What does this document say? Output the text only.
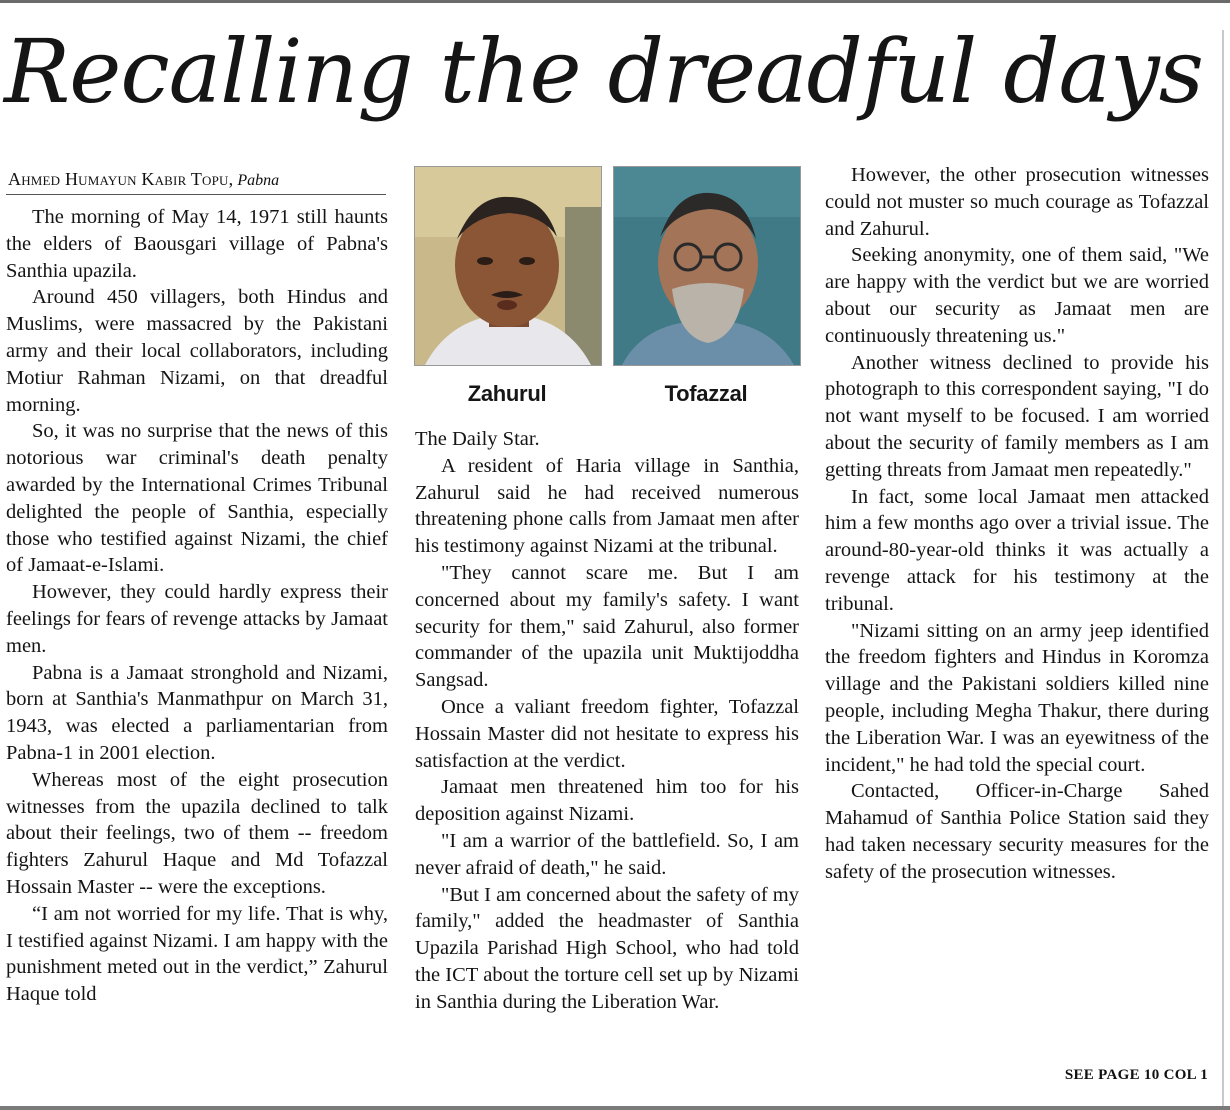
Recalling the dreadful days
Ahmed Humayun Kabir Topu, Pabna

The morning of May 14, 1971 still haunts the elders of Baousgari village of Pabna's Santhia upazila.

Around 450 villagers, both Hindus and Muslims, were massacred by the Pakistani army and their local collaborators, including Motiur Rahman Nizami, on that dreadful morning.

So, it was no surprise that the news of this notorious war criminal's death penalty awarded by the International Crimes Tribunal delighted the people of Santhia, especially those who testified against Nizami, the chief of Jamaat-e-Islami.

However, they could hardly express their feelings for fears of revenge attacks by Jamaat men.

Pabna is a Jamaat stronghold and Nizami, born at Santhia's Manmathpur on March 31, 1943, was elected a parliamentarian from Pabna-1 in 2001 election.

Whereas most of the eight prosecution witnesses from the upazila declined to talk about their feelings, two of them -- freedom fighters Zahurul Haque and Md Tofazzal Hossain Master -- were the exceptions.

“I am not worried for my life. That is why, I testified against Nizami. I am happy with the punishment meted out in the verdict,” Zahurul Haque told

Zahurul	Tofazzal

The Daily Star.

A resident of Haria village in Santhia, Zahurul said he had received numerous threatening phone calls from Jamaat men after his testimony against Nizami at the tribunal.

"They cannot scare me. But I am concerned about my family's safety. I want security for them," said Zahurul, also former commander of the upazila unit Muktijoddha Sangsad.

Once a valiant freedom fighter, Tofazzal Hossain Master did not hesitate to express his satisfaction at the verdict.

Jamaat men threatened him too for his deposition against Nizami.

"I am a warrior of the battlefield. So, I am never afraid of death," he said.

"But I am concerned about the safety of my family," added the headmaster of Santhia Upazila Parishad High School, who had told the ICT about the torture cell set up by Nizami in Santhia during the Liberation War.

However, the other prosecution witnesses could not muster so much courage as Tofazzal and Zahurul.

Seeking anonymity, one of them said, "We are happy with the verdict but we are worried about our security as Jamaat men are continuously threatening us."

Another witness declined to provide his photograph to this correspondent saying, "I do not want myself to be focused. I am worried about the security of family members as I am getting threats from Jamaat men repeatedly."

In fact, some local Jamaat men attacked him a few months ago over a trivial issue. The around-80-year-old thinks it was actually a revenge attack for his testimony at the tribunal.

"Nizami sitting on an army jeep identified the freedom fighters and Hindus in Koromza village and the Pakistani soldiers killed nine people, including Megha Thakur, there during the Liberation War. I was an eyewitness of the incident," he had told the special court.

Contacted, Officer-in-Charge Sahed Mahamud of Santhia Police Station said they had taken necessary security measures for the safety of the prosecution witnesses.

SEE PAGE 10 COL 1
